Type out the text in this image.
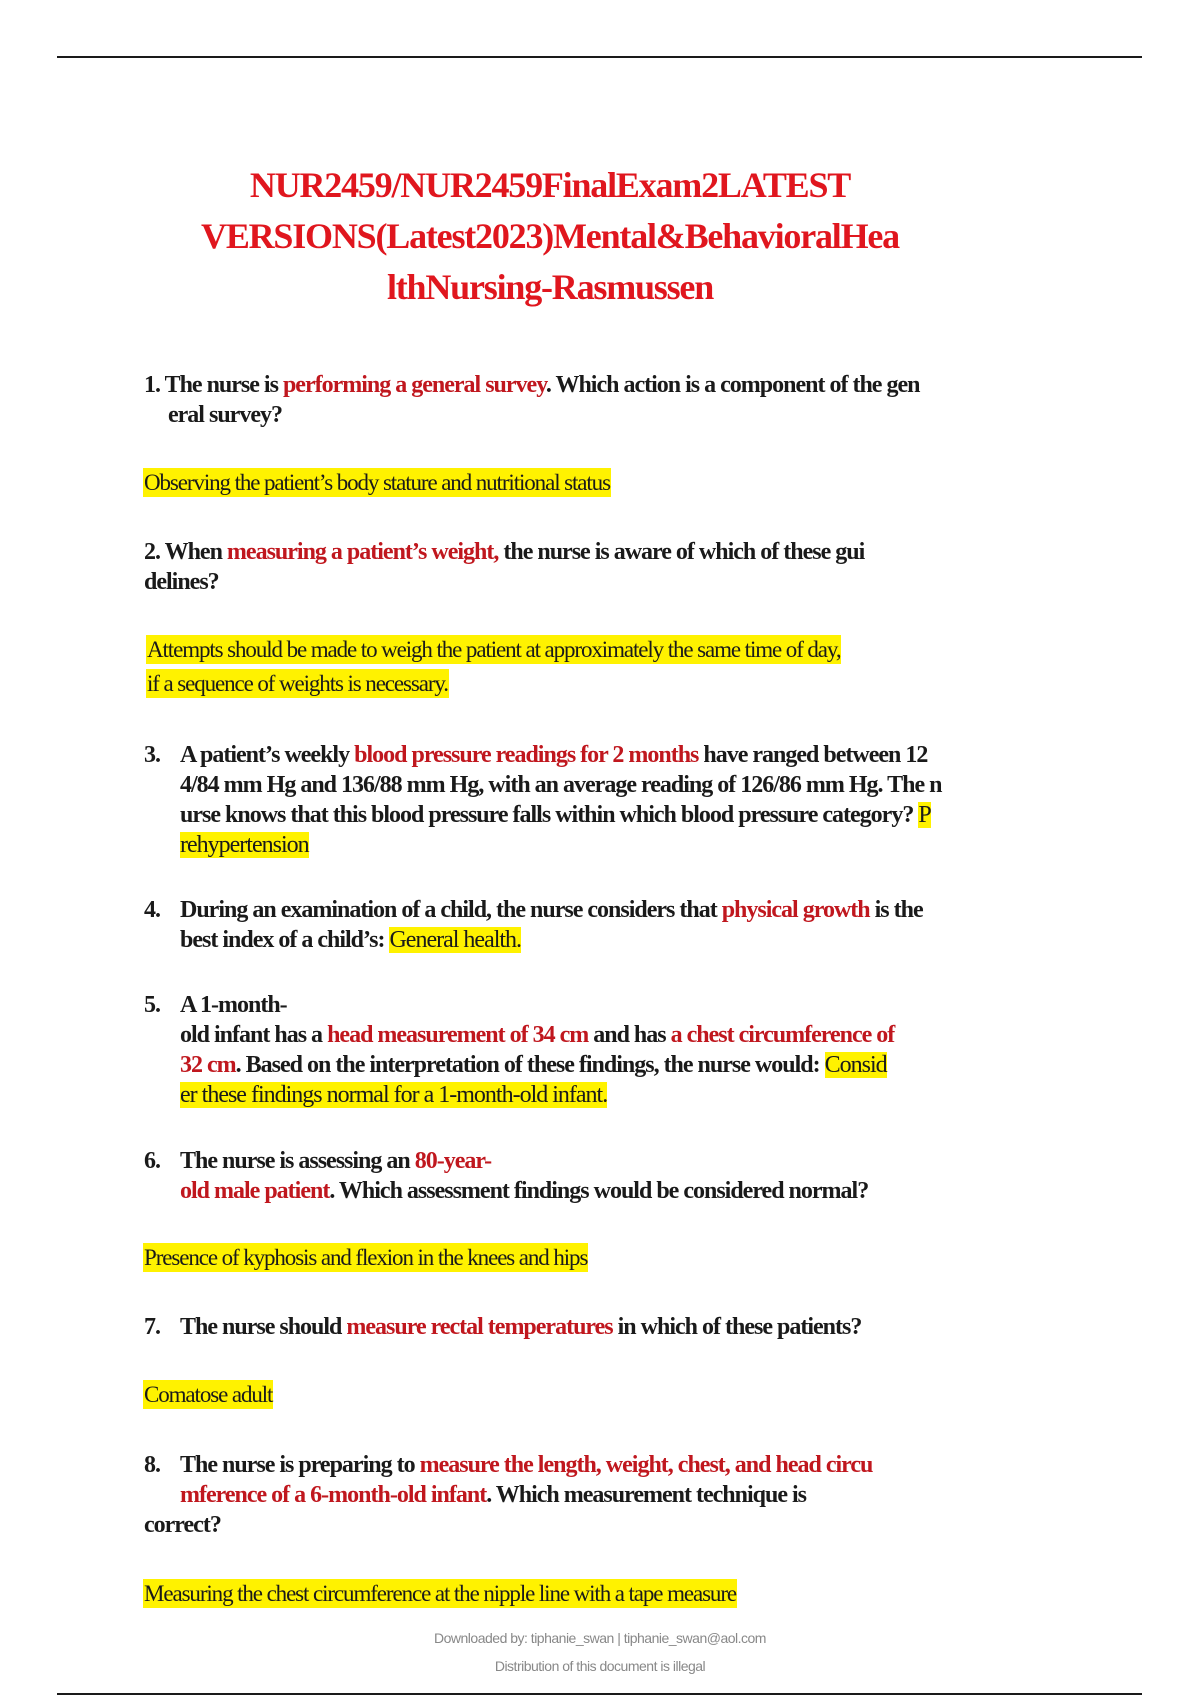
NUR2459/NUR2459FinalExam2LATEST
VERSIONS(Latest2023)Mental&BehavioralHea
lthNursing-Rasmussen
1. The nurse is performing a general survey. Which action is a component of the gen
eral survey?
Observing the patient’s body stature and nutritional status
2. When measuring a patient’s weight, the nurse is aware of which of these gui
delines?
Attempts should be made to weigh the patient at approximately the same time of day,
if a sequence of weights is necessary.
3. A patient’s weekly blood pressure readings for 2 months have ranged between 12
4/84 mm Hg and 136/88 mm Hg, with an average reading of 126/86 mm Hg. The n
urse knows that this blood pressure falls within which blood pressure category? P
rehypertension
4. During an examination of a child, the nurse considers that physical growth is the
best index of a child’s: General health.
5. A 1-month-
old infant has a head measurement of 34 cm and has a chest circumference of
32 cm. Based on the interpretation of these findings, the nurse would: Consid
er these findings normal for a 1-month-old infant.
6. The nurse is assessing an 80-year-
old male patient. Which assessment findings would be considered normal?
Presence of kyphosis and flexion in the knees and hips
7. The nurse should measure rectal temperatures in which of these patients?
Comatose adult
8. The nurse is preparing to measure the length, weight, chest, and head circu
mference of a 6-month-old infant. Which measurement technique is
correct?
Measuring the chest circumference at the nipple line with a tape measure
Downloaded by: tiphanie_swan | tiphanie_swan@aol.com
Distribution of this document is illegal
